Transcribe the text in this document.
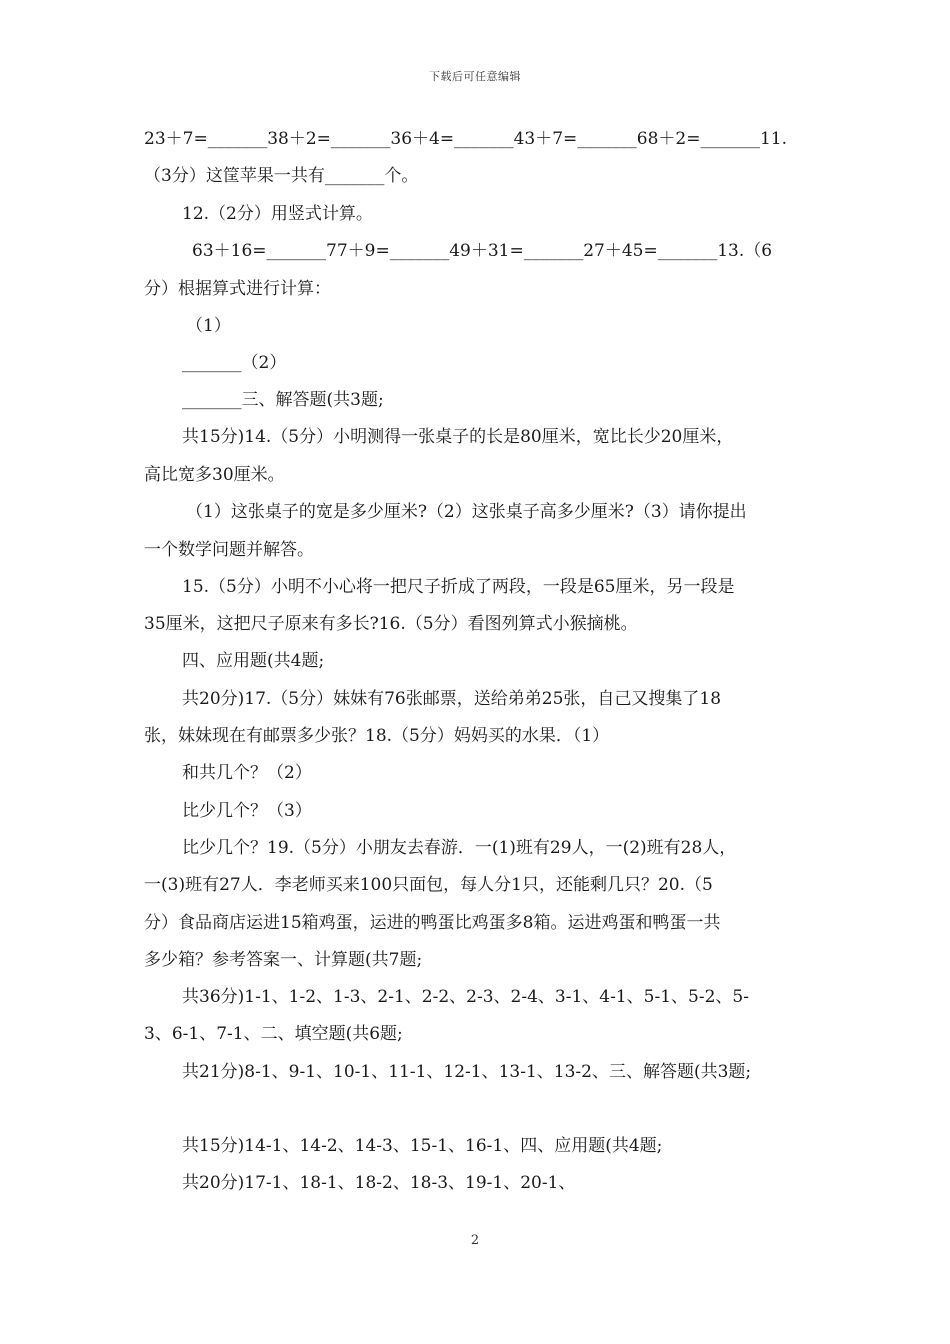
下载后可任意编辑
23＋7=_______38＋2=_______36＋4=_______43＋7=_______68＋2=_______11.
（3分）这筐苹果一共有_______个。
12.（2分）用竖式计算。
63＋16=_______77＋9=_______49＋31=_______27＋45=_______13.（6
分）根据算式进行计算：
（1）
_______（2）
_______三、解答题(共3题;
共15分)14.（5分）小明测得一张桌子的长是80厘米，宽比长少20厘米，
高比宽多30厘米。
（1）这张桌子的宽是多少厘米?（2）这张桌子高多少厘米?（3）请你提出
一个数学问题并解答。
15.（5分）小明不小心将一把尺子折成了两段，一段是65厘米，另一段是
35厘米，这把尺子原来有多长?16.（5分）看图列算式小猴摘桃。
四、应用题(共4题;
共20分)17.（5分）妹妹有76张邮票，送给弟弟25张，自己又搜集了18
张，妹妹现在有邮票多少张？18.（5分）妈妈买的水果．（1）
和共几个？（2）
比少几个？（3）
比少几个？19.（5分）小朋友去春游．一(1)班有29人，一(2)班有28人，
一(3)班有27人．李老师买来100只面包，每人分1只，还能剩几只？20.（5
分）食品商店运进15箱鸡蛋，运进的鸭蛋比鸡蛋多8箱。运进鸡蛋和鸭蛋一共
多少箱？参考答案一、计算题(共7题;
共36分)1-1、1-2、1-3、2-1、2-2、2-3、2-4、3-1、4-1、5-1、5-2、5-
3、6-1、7-1、二、填空题(共6题;
共21分)8-1、9-1、10-1、11-1、12-1、13-1、13-2、三、解答题(共3题;
共15分)14-1、14-2、14-3、15-1、16-1、四、应用题(共4题;
共20分)17-1、18-1、18-2、18-3、19-1、20-1、
2
